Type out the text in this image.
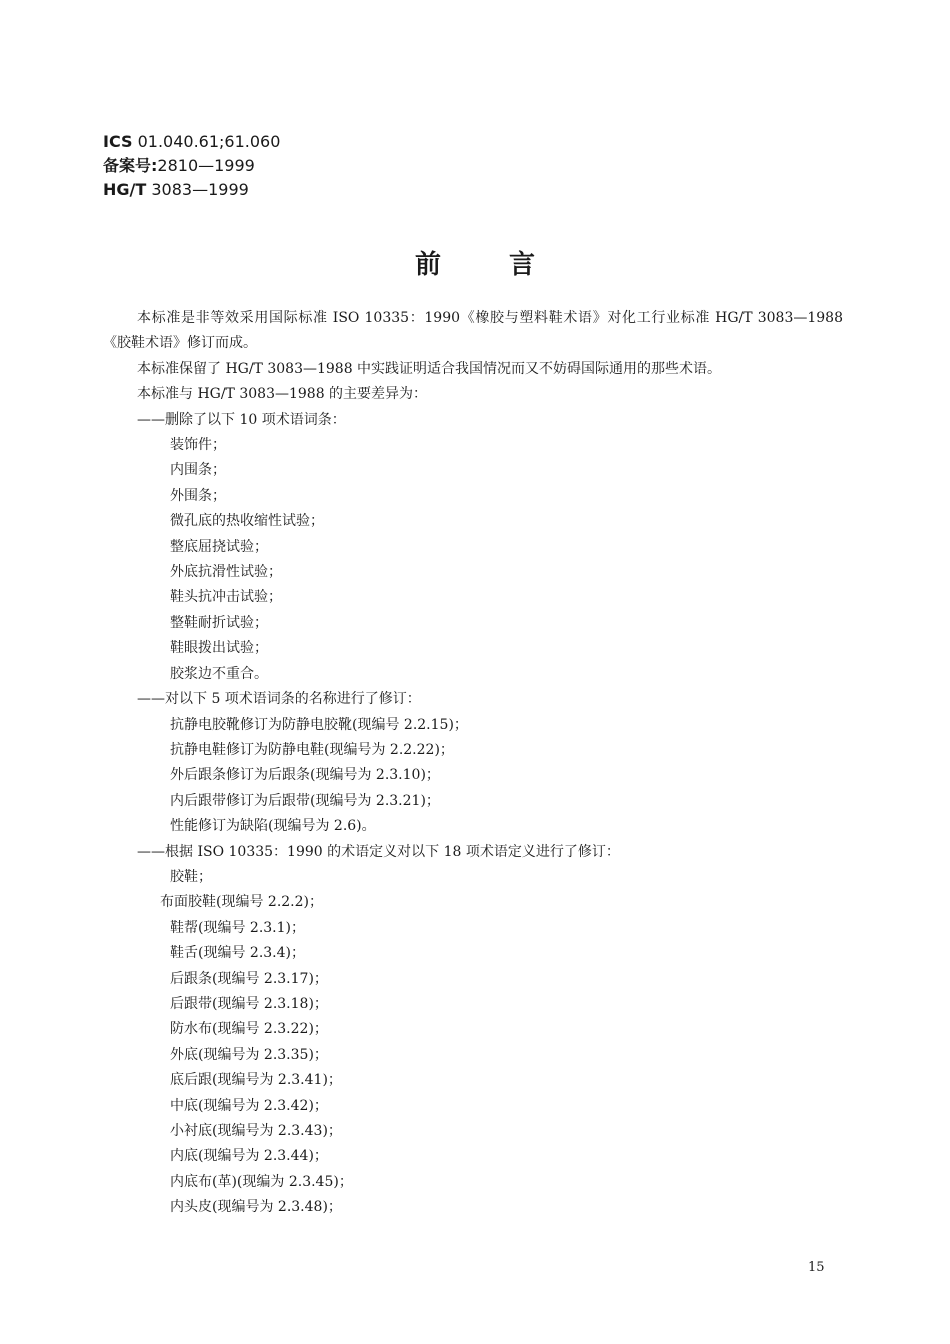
ICS 01.040.61;61.060
备案号:2810—1999
HG/T 3083—1999
前言
本标准是非等效采用国际标准 ISO 10335：1990《橡胶与塑料鞋术语》对化工行业标准 HG/T 3083—1988《胶鞋术语》修订而成。
本标准保留了 HG/T 3083—1988 中实践证明适合我国情况而又不妨碍国际通用的那些术语。
本标准与 HG/T 3083—1988 的主要差异为：
——删除了以下 10 项术语词条：
装饰件；
内围条；
外围条；
微孔底的热收缩性试验；
整底屈挠试验；
外底抗滑性试验；
鞋头抗冲击试验；
整鞋耐折试验；
鞋眼拨出试验；
胶浆边不重合。
——对以下 5 项术语词条的名称进行了修订：
抗静电胶靴修订为防静电胶靴(现编号 2.2.15)；
抗静电鞋修订为防静电鞋(现编号为 2.2.22)；
外后跟条修订为后跟条(现编号为 2.3.10)；
内后跟带修订为后跟带(现编号为 2.3.21)；
性能修订为缺陷(现编号为 2.6)。
——根据 ISO 10335：1990 的术语定义对以下 18 项术语定义进行了修订：
胶鞋；
布面胶鞋(现编号 2.2.2)；
鞋帮(现编号 2.3.1)；
鞋舌(现编号 2.3.4)；
后跟条(现编号 2.3.17)；
后跟带(现编号 2.3.18)；
防水布(现编号 2.3.22)；
外底(现编号为 2.3.35)；
底后跟(现编号为 2.3.41)；
中底(现编号为 2.3.42)；
小衬底(现编号为 2.3.43)；
内底(现编号为 2.3.44)；
内底布(革)(现编为 2.3.45)；
内头皮(现编号为 2.3.48)；
15
